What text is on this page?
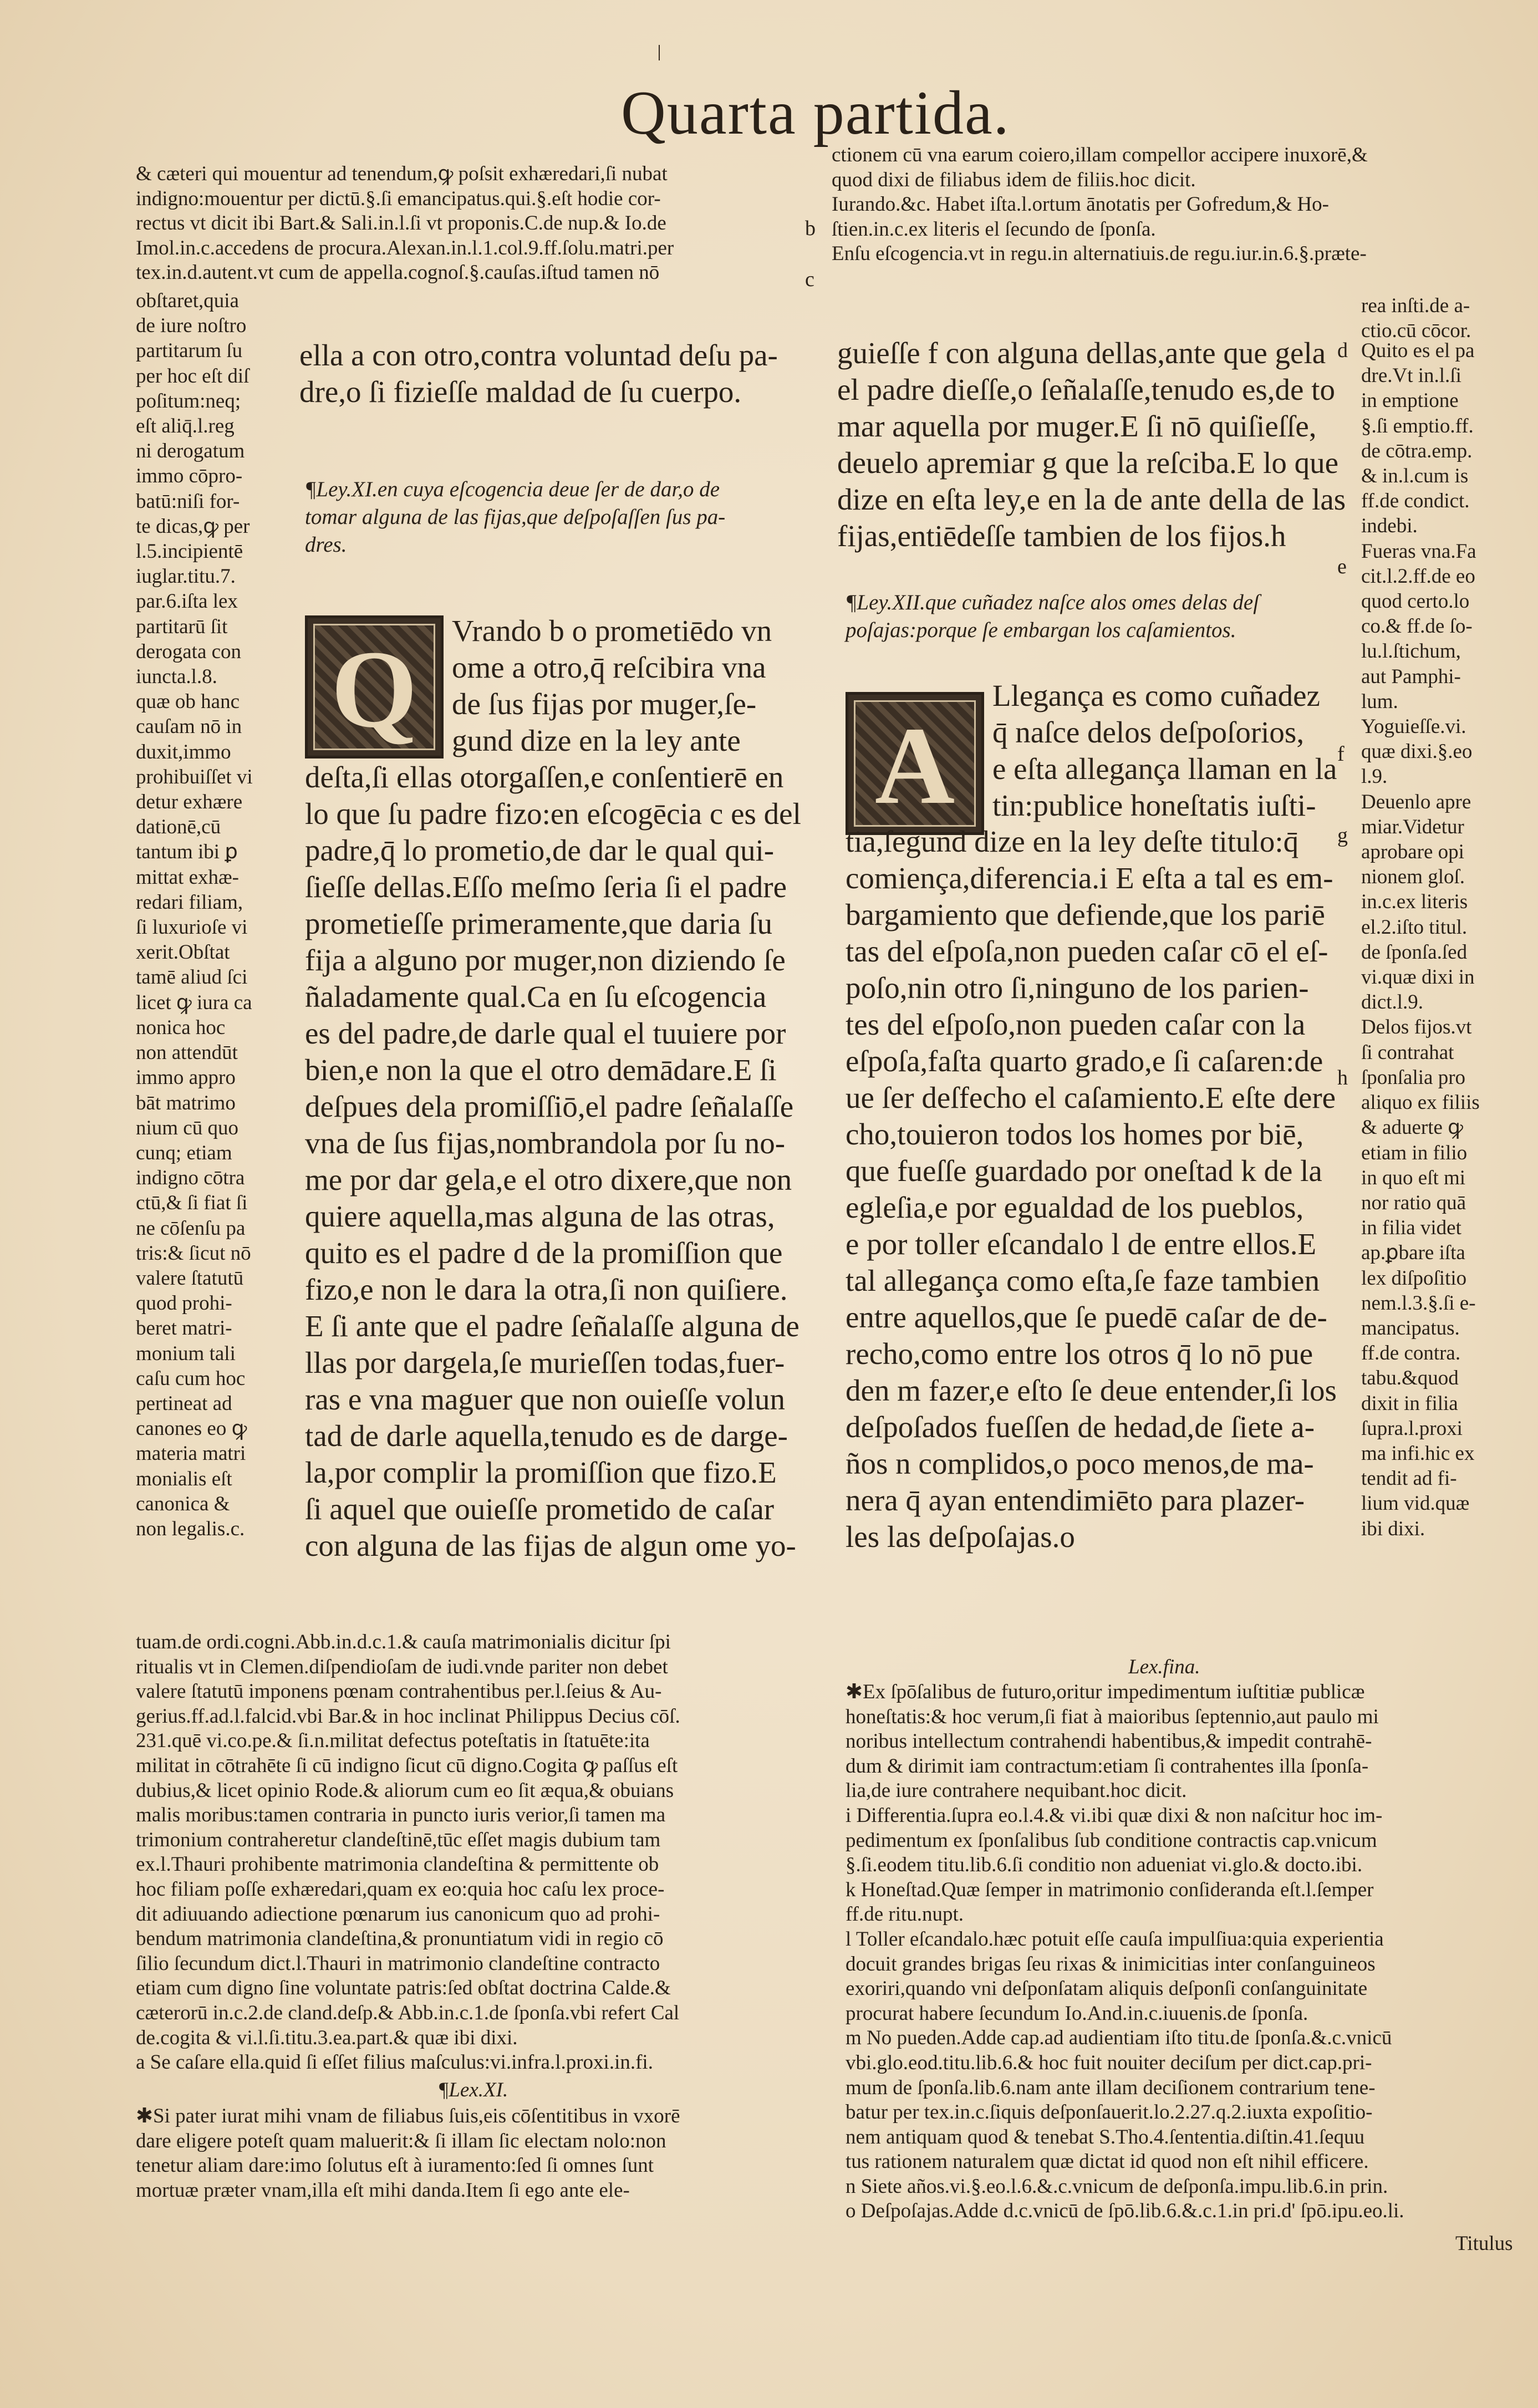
ǀ
Quarta partida.

& cæteri qui mouentur ad tenendum,ꝙ poſsit exhæredari,ſi nubat

indigno:mouentur per dictū.§.ſi emancipatus.qui.§.eſt hodie cor-

rectus vt dicit ibi Bart.& Sali.in.l.ſi vt proponis.C.de nup.& Io.de

Imol.in.c.accedens de procura.Alexan.in.l.1.col.9.ff.ſolu.matri.per

tex.in.d.autent.vt cum de appella.cognoſ.§.cauſas.iſtud tamen nō

ctionem cū vna earum coiero,illam compellor accipere inuxorē,&

quod dixi de filiabus idem de filiis.hoc dicit.

Iurando.&c. Habet iſta.l.ortum ānotatis per Gofredum,& Ho-

ſtien.in.c.ex literis el ſecundo de ſponſa.

Enſu eſcogencia.vt in regu.in alternatiuis.de regu.iur.in.6.§.præte-

rea inſti.de a-

ctio.cū cōcor.

b
c

obſtaret,quia

de iure noſtro

partitarum ſu

per hoc eſt diſ

poſitum:neq;

eſt aliq̄.l.reg

ni derogatum

immo cōpro-

batū:niſi for-

te dicas,ꝙ per

l.5.incipientē

iuglar.titu.7.

par.6.iſta lex

partitarū ſit

derogata con

iuncta.l.8.

quæ ob hanc

cauſam nō in

duxit,immo

prohibuiſſet vi

detur exhære

dationē,cū

tantum ibi ꝑ

mittat exhæ-

redari filiam,

ſi luxurioſe vi

xerit.Obſtat

tamē aliud ſci

licet ꝙ iura ca

nonica hoc

non attendūt

immo appro

bāt matrimo

nium cū quo

cunq; etiam

indigno cōtra

ctū,& ſi fiat ſi

ne cōſenſu pa

tris:& ſicut nō

valere ſtatutū

quod prohi-

beret matri-

monium tali

caſu cum hoc

pertineat ad

canones eo ꝙ

materia matri

monialis eſt

canonica &

non legalis.c.

ella a con otro,contra voluntad deſu pa-

dre,o ſi fizieſſe maldad de ſu cuerpo.

¶Ley.XI.en cuya eſcogencia deue ſer de dar,o de

tomar alguna de las fijas,que deſpoſaſſen ſus pa-

dres.

Q	Vrando b o prometiēdo vn

ome a otro,q̄ reſcibira vna

de ſus fijas por muger,ſe-

gund dize en la ley ante

deſta,ſi ellas otorgaſſen,e conſentierē en

lo que ſu padre fizo:en eſcogēcia c es del

padre,q̄ lo prometio,de dar le qual qui-

ſieſſe dellas.Eſſo meſmo ſeria ſi el padre

prometieſſe primeramente,que daria ſu

fija a alguno por muger,non diziendo ſe

ñaladamente qual.Ca en ſu eſcogencia

es del padre,de darle qual el tuuiere por

bien,e non la que el otro demādare.E ſi

deſpues dela promiſſiō,el padre ſeñalaſſe

vna de ſus fijas,nombrandola por ſu no-

me por dar gela,e el otro dixere,que non

quiere aquella,mas alguna de las otras,

quito es el padre d de la promiſſion que

fizo,e non le dara la otra,ſi non quiſiere.

E ſi ante que el padre ſeñalaſſe alguna de

llas por dargela,ſe murieſſen todas,fuer-

ras e vna maguer que non ouieſſe volun

tad de darle aquella,tenudo es de darge-

la,por complir la promiſſion que fizo.E

ſi aquel que ouieſſe prometido de caſar

con alguna de las fijas de algun ome yo-

guieſſe f con alguna dellas,ante que gela

el padre dieſſe,o ſeñalaſſe,tenudo es,de to

mar aquella por muger.E ſi nō quiſieſſe,

deuelo apremiar g que la reſciba.E lo que

dize en eſta ley,e en la de ante della de las

fijas,entiēdeſſe tambien de los fijos.h

¶Ley.XII.que cuñadez naſce alos omes delas deſ

poſajas:porque ſe embargan los caſamientos.

A

Llegança es como cuñadez

q̄ naſce delos deſpoſorios,

e eſta allegança llaman en la

tin:publice honeſtatis iuſti-

tia,ſegund dize en la ley deſte titulo:q̄

comiença,diferencia.i E eſta a tal es em-

bargamiento que defiende,que los pariē

tas del eſpoſa,non pueden caſar cō el eſ-

poſo,nin otro ſi,ninguno de los parien-

tes del eſpoſo,non pueden caſar con la

eſpoſa,faſta quarto grado,e ſi caſaren:de

ue ſer deſfecho el caſamiento.E eſte dere

cho,touieron todos los homes por biē,

que fueſſe guardado por oneſtad k de la

egleſia,e por egualdad de los pueblos,

e por toller eſcandalo l de entre ellos.E

tal allegança como eſta,ſe faze tambien

entre aquellos,que ſe puedē caſar de de-

recho,como entre los otros q̄ lo nō pue

den m fazer,e eſto ſe deue entender,ſi los

deſpoſados fueſſen de hedad,de ſiete a-

ños n complidos,o poco menos,de ma-

nera q̄ ayan entendimiēto para plazer-

les las deſpoſajas.o

Quito es el pa

dre.Vt in.l.ſi

in emptione

§.ſi emptio.ff.

de cōtra.emp.

& in.l.cum is

ff.de condict.

indebi.

Fueras vna.Fa

cit.l.2.ff.de eo

quod certo.lo

co.& ff.de ſo-

lu.l.ſtichum,

aut Pamphi-

lum.

Yoguieſſe.vi.

quæ dixi.§.eo

l.9.

Deuenlo apre

miar.Videtur

aprobare opi

nionem gloſ.

in.c.ex literis

el.2.iſto titul.

de ſponſa.ſed

vi.quæ dixi in

dict.l.9.

Delos fijos.vt

ſi contrahat

ſponſalia pro

aliquo ex filiis

& aduerte ꝙ

etiam in filio

in quo eſt mi

nor ratio quā

in filia videt

ap.ꝑbare iſta

lex diſpoſitio

nem.l.3.§.ſi e-

mancipatus.

ff.de contra.

tabu.&quod

dixit in filia

ſupra.l.proxi

ma infi.hic ex

tendit ad fi-

lium vid.quæ

ibi dixi.

d
e
f
g
h

tuam.de ordi.cogni.Abb.in.d.c.1.& cauſa matrimonialis dicitur ſpi

ritualis vt in Clemen.diſpendioſam de iudi.vnde pariter non debet

valere ſtatutū imponens pœnam contrahentibus per.l.ſeius & Au-

gerius.ff.ad.l.falcid.vbi Bar.& in hoc inclinat Philippus Decius cōſ.

231.quē vi.co.pe.& ſi.n.militat defectus poteſtatis in ſtatuēte:ita

militat in cōtrahēte ſi cū indigno ſicut cū digno.Cogita ꝙ paſſus eſt

dubius,& licet opinio Rode.& aliorum cum eo ſit æqua,& obuians

malis moribus:tamen contraria in puncto iuris verior,ſi tamen ma

trimonium contraheretur clandeſtinē,tūc eſſet magis dubium tam

ex.l.Thauri prohibente matrimonia clandeſtina & permittente ob

hoc filiam poſſe exhæredari,quam ex eo:quia hoc caſu lex proce-

dit adiuuando adiectione pœnarum ius canonicum quo ad prohi-

bendum matrimonia clandeſtina,& pronuntiatum vidi in regio cō

ſilio ſecundum dict.l.Thauri in matrimonio clandeſtine contracto

etiam cum digno ſine voluntate patris:ſed obſtat doctrina Calde.&

cæterorū in.c.2.de cland.deſp.& Abb.in.c.1.de ſponſa.vbi refert Cal

de.cogita & vi.l.ſi.titu.3.ea.part.& quæ ibi dixi.

a Se caſare ella.quid ſi eſſet filius maſculus:vi.infra.l.proxi.in.fi.

¶Lex.XI.

✱Si pater iurat mihi vnam de filiabus ſuis,eis cōſentitibus in vxorē

dare eligere poteſt quam maluerit:& ſi illam ſic electam nolo:non

tenetur aliam dare:imo ſolutus eſt à iuramento:ſed ſi omnes ſunt

mortuæ præter vnam,illa eſt mihi danda.Item ſi ego ante ele-

Lex.fina.

✱Ex ſpōſalibus de futuro,oritur impedimentum iuſtitiæ publicæ

honeſtatis:& hoc verum,ſi fiat à maioribus ſeptennio,aut paulo mi

noribus intellectum contrahendi habentibus,& impedit contrahē-

dum & dirimit iam contractum:etiam ſi contrahentes illa ſponſa-

lia,de iure contrahere nequibant.hoc dicit.

i Differentia.ſupra eo.l.4.& vi.ibi quæ dixi & non naſcitur hoc im-

pedimentum ex ſponſalibus ſub conditione contractis cap.vnicum

§.ſi.eodem titu.lib.6.ſi conditio non adueniat vi.glo.& docto.ibi.

k Honeſtad.Quæ ſemper in matrimonio conſideranda eſt.l.ſemper

ff.de ritu.nupt.

l Toller eſcandalo.hæc potuit eſſe cauſa impulſiua:quia experientia

docuit grandes brigas ſeu rixas & inimicitias inter conſanguineos

exoriri,quando vni deſponſatam aliquis deſponſi conſanguinitate

procurat habere ſecundum Io.And.in.c.iuuenis.de ſponſa.

m No pueden.Adde cap.ad audientiam iſto titu.de ſponſa.&.c.vnicū

vbi.glo.eod.titu.lib.6.& hoc fuit nouiter deciſum per dict.cap.pri-

mum de ſponſa.lib.6.nam ante illam deciſionem contrarium tene-

batur per tex.in.c.ſiquis deſponſauerit.lo.2.27.q.2.iuxta expoſitio-

nem antiquam quod & tenebat S.Tho.4.ſententia.diſtin.41.ſequu

tus rationem naturalem quæ dictat id quod non eſt nihil efficere.

n Siete años.vi.§.eo.l.6.&.c.vnicum de deſponſa.impu.lib.6.in prin.

o Deſpoſajas.Adde d.c.vnicū de ſpō.lib.6.&.c.1.in pri.d' ſpō.ipu.eo.li.

Titulus
